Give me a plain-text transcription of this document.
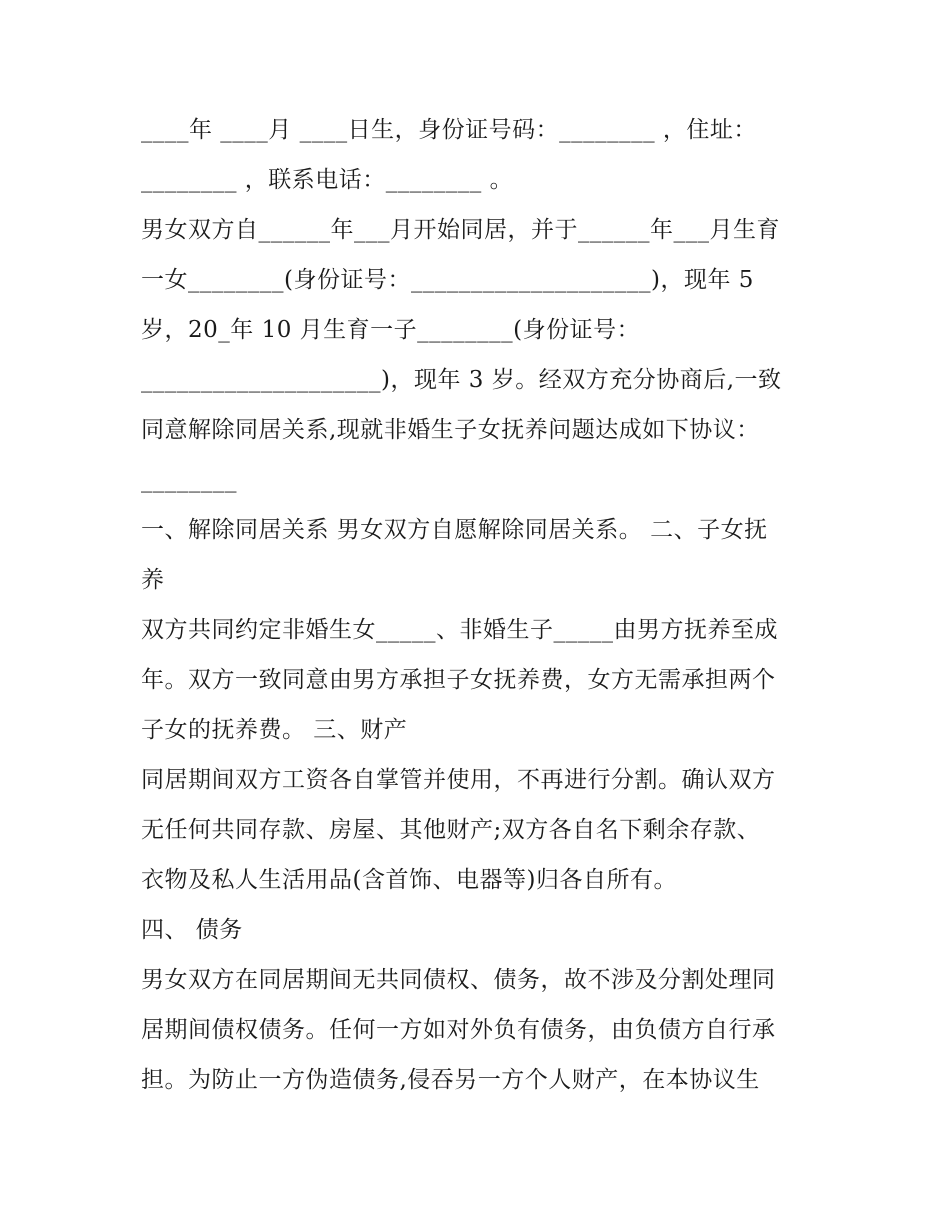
____年 ____月 ____日生，身份证号码：________ ，住址：
________ ，联系电话：________ 。
男女双方自______年___月开始同居，并于______年___月生育
一女________(身份证号：____________________)，现年 5
岁，20_年 10 月生育一子________(身份证号：
____________________)，现年 3 岁。经双方充分协商后,一致
同意解除同居关系,现就非婚生子女抚养问题达成如下协议：
________
一、解除同居关系 男女双方自愿解除同居关系。 二、子女抚
养
双方共同约定非婚生女_____、非婚生子_____由男方抚养至成
年。双方一致同意由男方承担子女抚养费，女方无需承担两个
子女的抚养费。 三、财产
同居期间双方工资各自掌管并使用，不再进行分割。确认双方
无任何共同存款、房屋、其他财产;双方各自名下剩余存款、
衣物及私人生活用品(含首饰、电器等)归各自所有。
四、 债务
男女双方在同居期间无共同债权、债务，故不涉及分割处理同
居期间债权债务。任何一方如对外负有债务，由负债方自行承
担。为防止一方伪造债务,侵吞另一方个人财产，在本协议生
